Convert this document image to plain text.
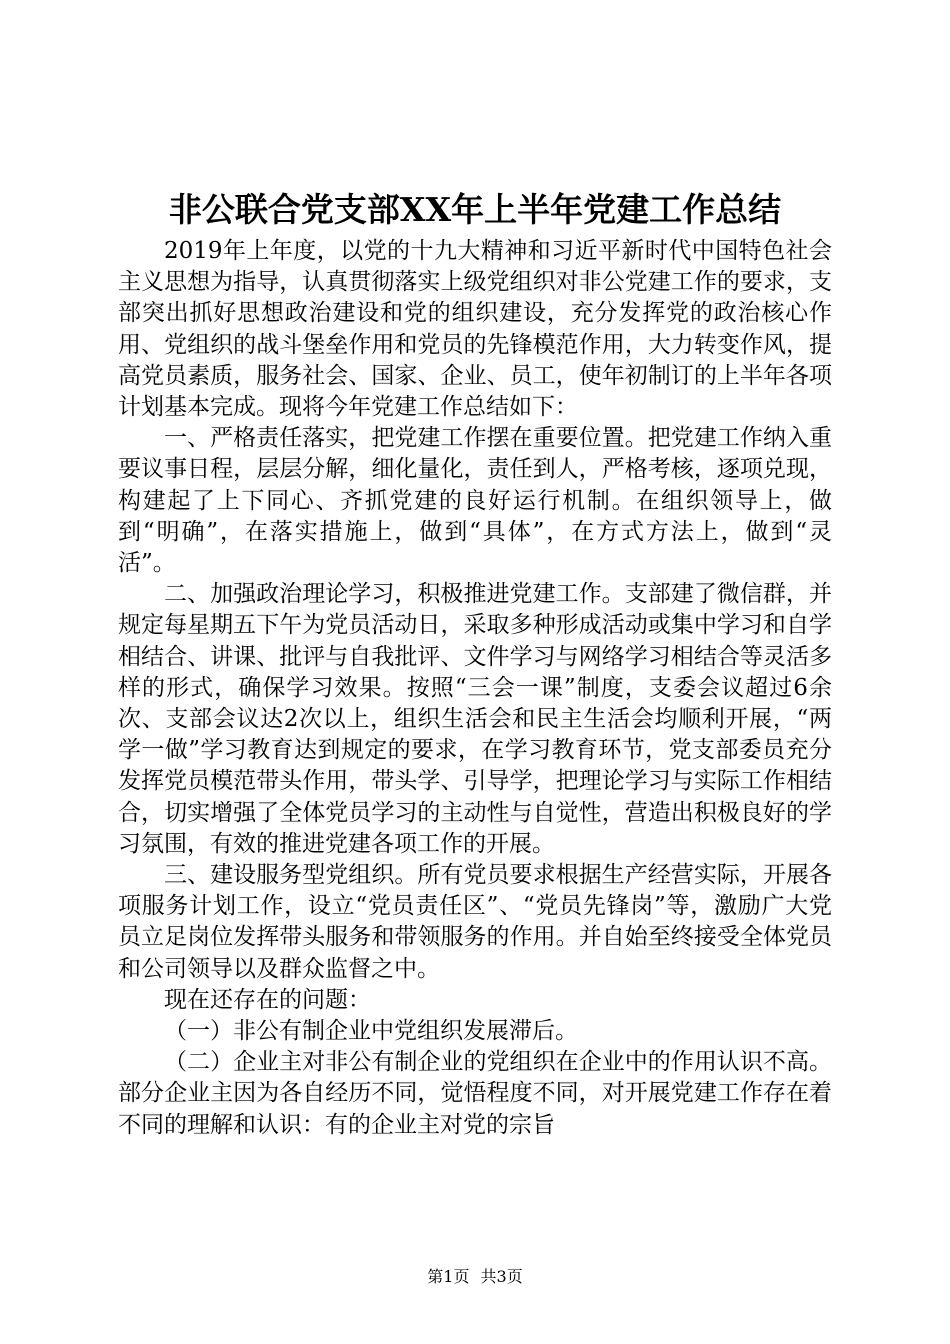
非公联合党支部XX年上半年党建工作总结

2019年上年度，以党的十九大精神和习近平新时代中国特色社会主义思想为指导，认真贯彻落实上级党组织对非公党建工作的要求，支部突出抓好思想政治建设和党的组织建设，充分发挥党的政治核心作用、党组织的战斗堡垒作用和党员的先锋模范作用，大力转变作风，提高党员素质，服务社会、国家、企业、员工，使年初制订的上半年各项计划基本完成。现将今年党建工作总结如下：

一、严格责任落实，把党建工作摆在重要位置。把党建工作纳入重要议事日程，层层分解，细化量化，责任到人，严格考核，逐项兑现，构建起了上下同心、齐抓党建的良好运行机制。在组织领导上，做到“明确”，在落实措施上，做到“具体”，在方式方法上，做到“灵活”。

二、加强政治理论学习，积极推进党建工作。支部建了微信群，并规定每星期五下午为党员活动日，采取多种形成活动或集中学习和自学相结合、讲课、批评与自我批评、文件学习与网络学习相结合等灵活多样的形式，确保学习效果。按照“三会一课”制度，支委会议超过6余次、支部会议达2次以上，组织生活会和民主生活会均顺利开展，“两学一做”学习教育达到规定的要求，在学习教育环节，党支部委员充分发挥党员模范带头作用，带头学、引导学，把理论学习与实际工作相结合，切实增强了全体党员学习的主动性与自觉性，营造出积极良好的学习氛围，有效的推进党建各项工作的开展。

三、建设服务型党组织。所有党员要求根据生产经营实际，开展各项服务计划工作，设立“党员责任区”、“党员先锋岗”等，激励广大党员立足岗位发挥带头服务和带领服务的作用。并自始至终接受全体党员和公司领导以及群众监督之中。

现在还存在的问题：

（一）非公有制企业中党组织发展滞后。

（二）企业主对非公有制企业的党组织在企业中的作用认识不高。部分企业主因为各自经历不同，觉悟程度不同，对开展党建工作存在着不同的理解和认识：有的企业主对党的宗旨

第1页 共3页
